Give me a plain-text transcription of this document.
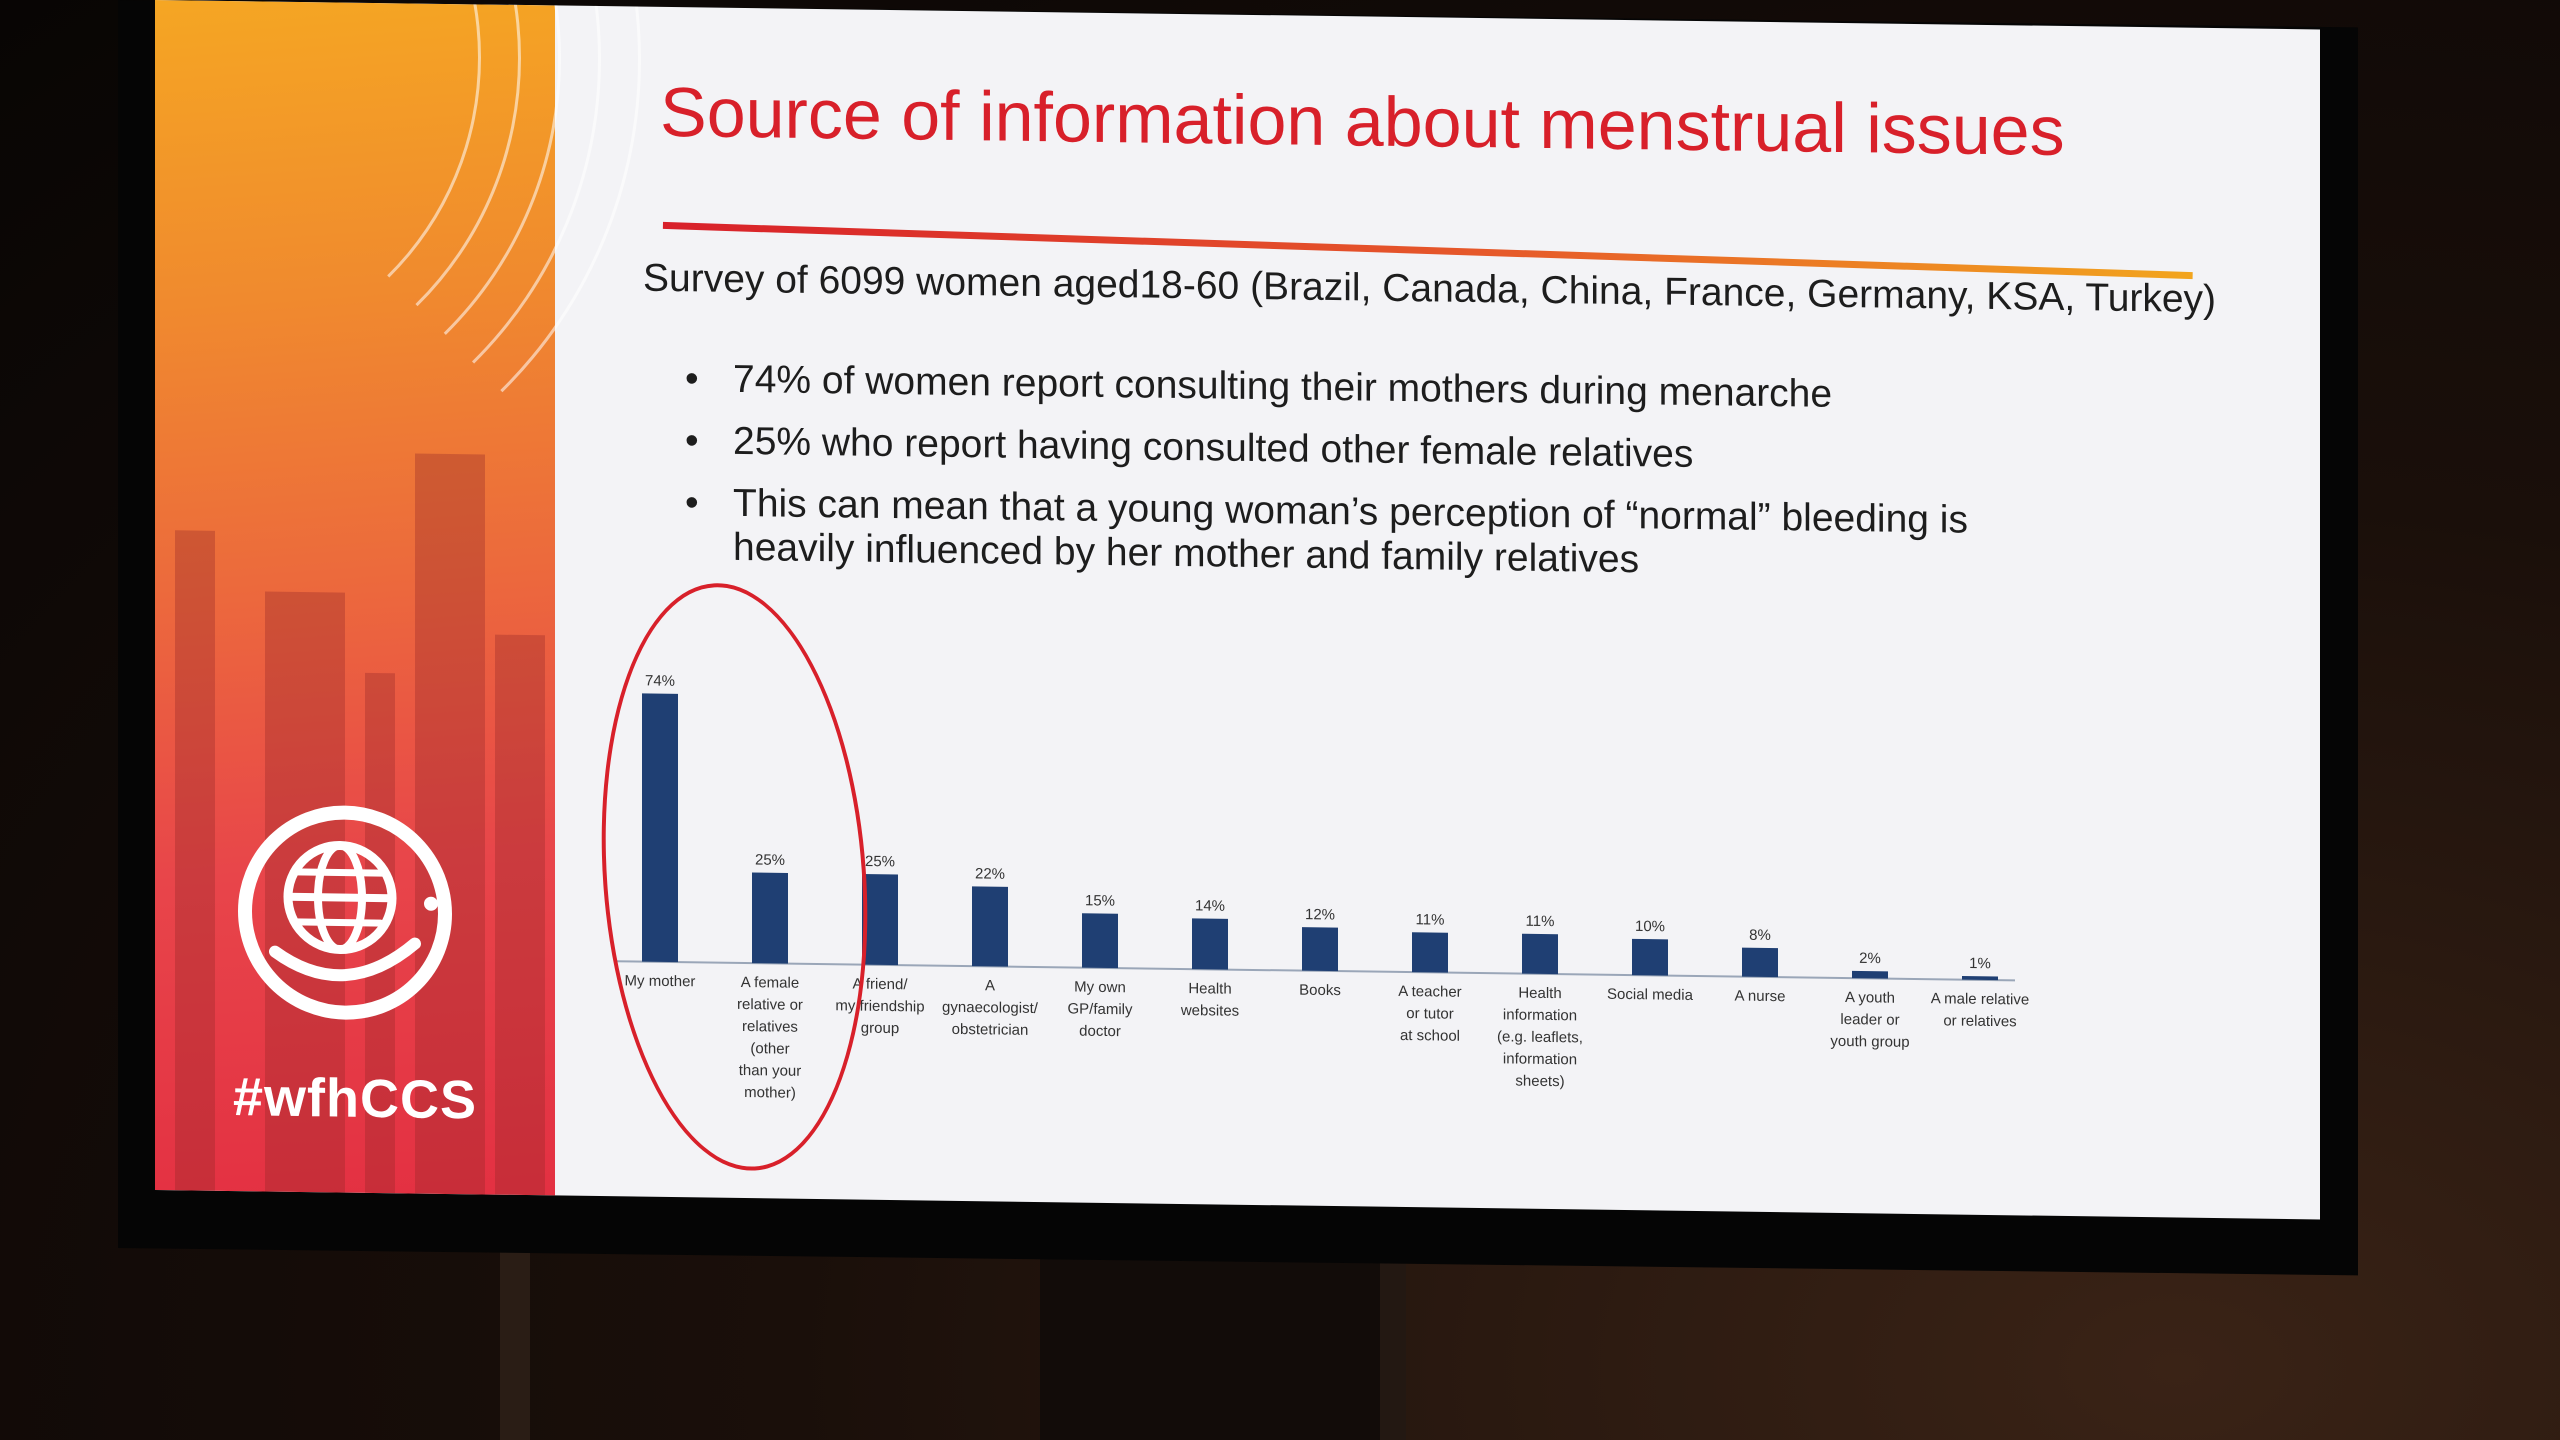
#wfhCCS
Source of information about menstrual issues
Survey of 6099 women aged18-60 (Brazil, Canada, China, France, Germany, KSA, Turkey)
• 74% of women report consulting their mothers during menarche
• 25% who report having consulted other female relatives
• This can mean that a young woman’s perception of “normal” bleeding is heavily influenced by her mother and family relatives
74%
My mother
25%
A femalerelative orrelatives(otherthan yourmother)
25%
A friend/my friendshipgroup
22%
Agynaecologist/obstetrician
15%
My ownGP/familydoctor
14%
Healthwebsites
12%
Books
11%
A teacheror tutorat school
11%
Healthinformation(e.g. leaflets,informationsheets)
10%
Social media
8%
A nurse
2%
A youthleader oryouth group
1%
A male relativeor relatives
